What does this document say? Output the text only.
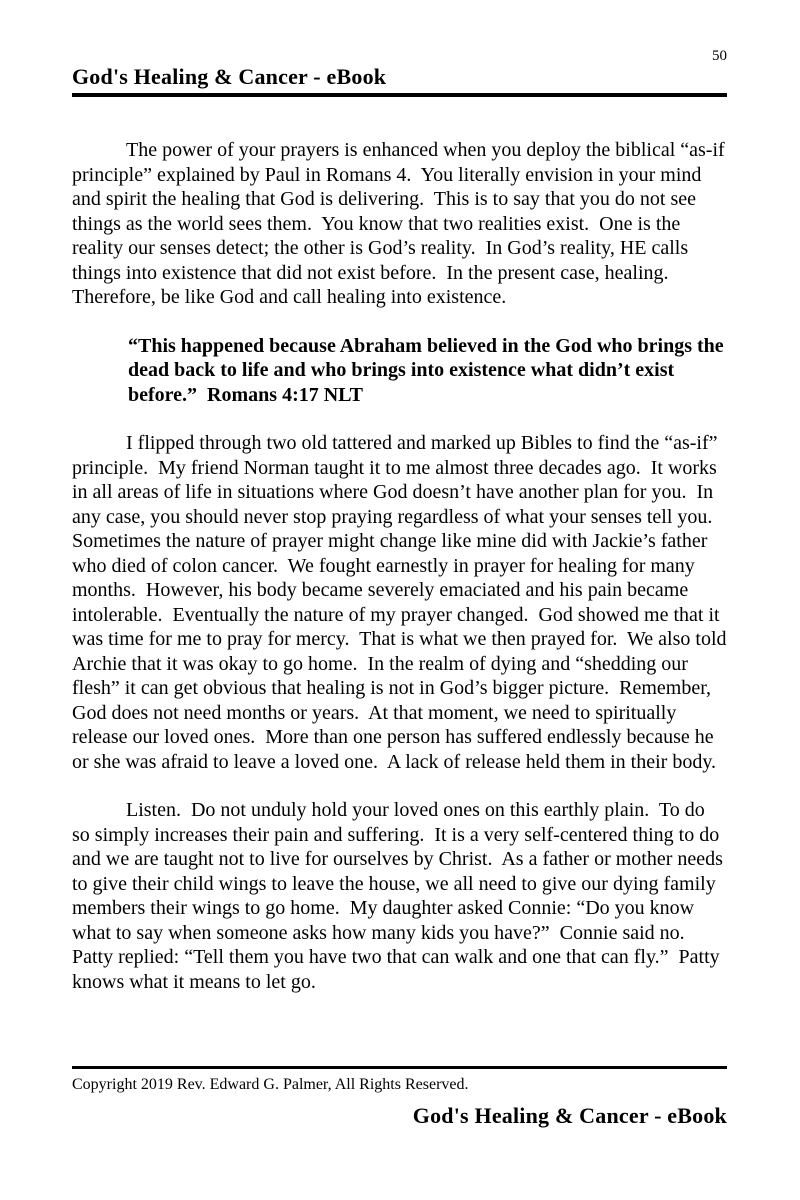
50
God's Healing & Cancer - eBook

The power of your prayers is enhanced when you deploy the biblical “as-if principle” explained by Paul in Romans 4.  You literally envision in your mind and spirit the healing that God is delivering.  This is to say that you do not see things as the world sees them.  You know that two realities exist.  One is the reality our senses detect; the other is God’s reality.  In God’s reality, HE calls things into existence that did not exist before.  In the present case, healing.  Therefore, be like God and call healing into existence.

“This happened because Abraham believed in the God who brings the dead back to life and who brings into existence what didn’t exist before.”  Romans 4:17 NLT

I flipped through two old tattered and marked up Bibles to find the “as-if” principle.  My friend Norman taught it to me almost three decades ago.  It works in all areas of life in situations where God doesn’t have another plan for you.  In any case, you should never stop praying regardless of what your senses tell you.  Sometimes the nature of prayer might change like mine did with Jackie’s father who died of colon cancer.  We fought earnestly in prayer for healing for many months.  However, his body became severely emaciated and his pain became intolerable.  Eventually the nature of my prayer changed.  God showed me that it was time for me to pray for mercy.  That is what we then prayed for.  We also told Archie that it was okay to go home.  In the realm of dying and “shedding our flesh” it can get obvious that healing is not in God’s bigger picture.  Remember, God does not need months or years.  At that moment, we need to spiritually release our loved ones.  More than one person has suffered endlessly because he or she was afraid to leave a loved one.  A lack of release held them in their body.

Listen.  Do not unduly hold your loved ones on this earthly plain.  To do so simply increases their pain and suffering.  It is a very self-centered thing to do and we are taught not to live for ourselves by Christ.  As a father or mother needs to give their child wings to leave the house, we all need to give our dying family members their wings to go home.  My daughter asked Connie: “Do you know what to say when someone asks how many kids you have?”  Connie said no.  Patty replied: “Tell them you have two that can walk and one that can fly.”  Patty knows what it means to let go.

Copyright 2019 Rev. Edward G. Palmer, All Rights Reserved.
God's Healing & Cancer - eBook
